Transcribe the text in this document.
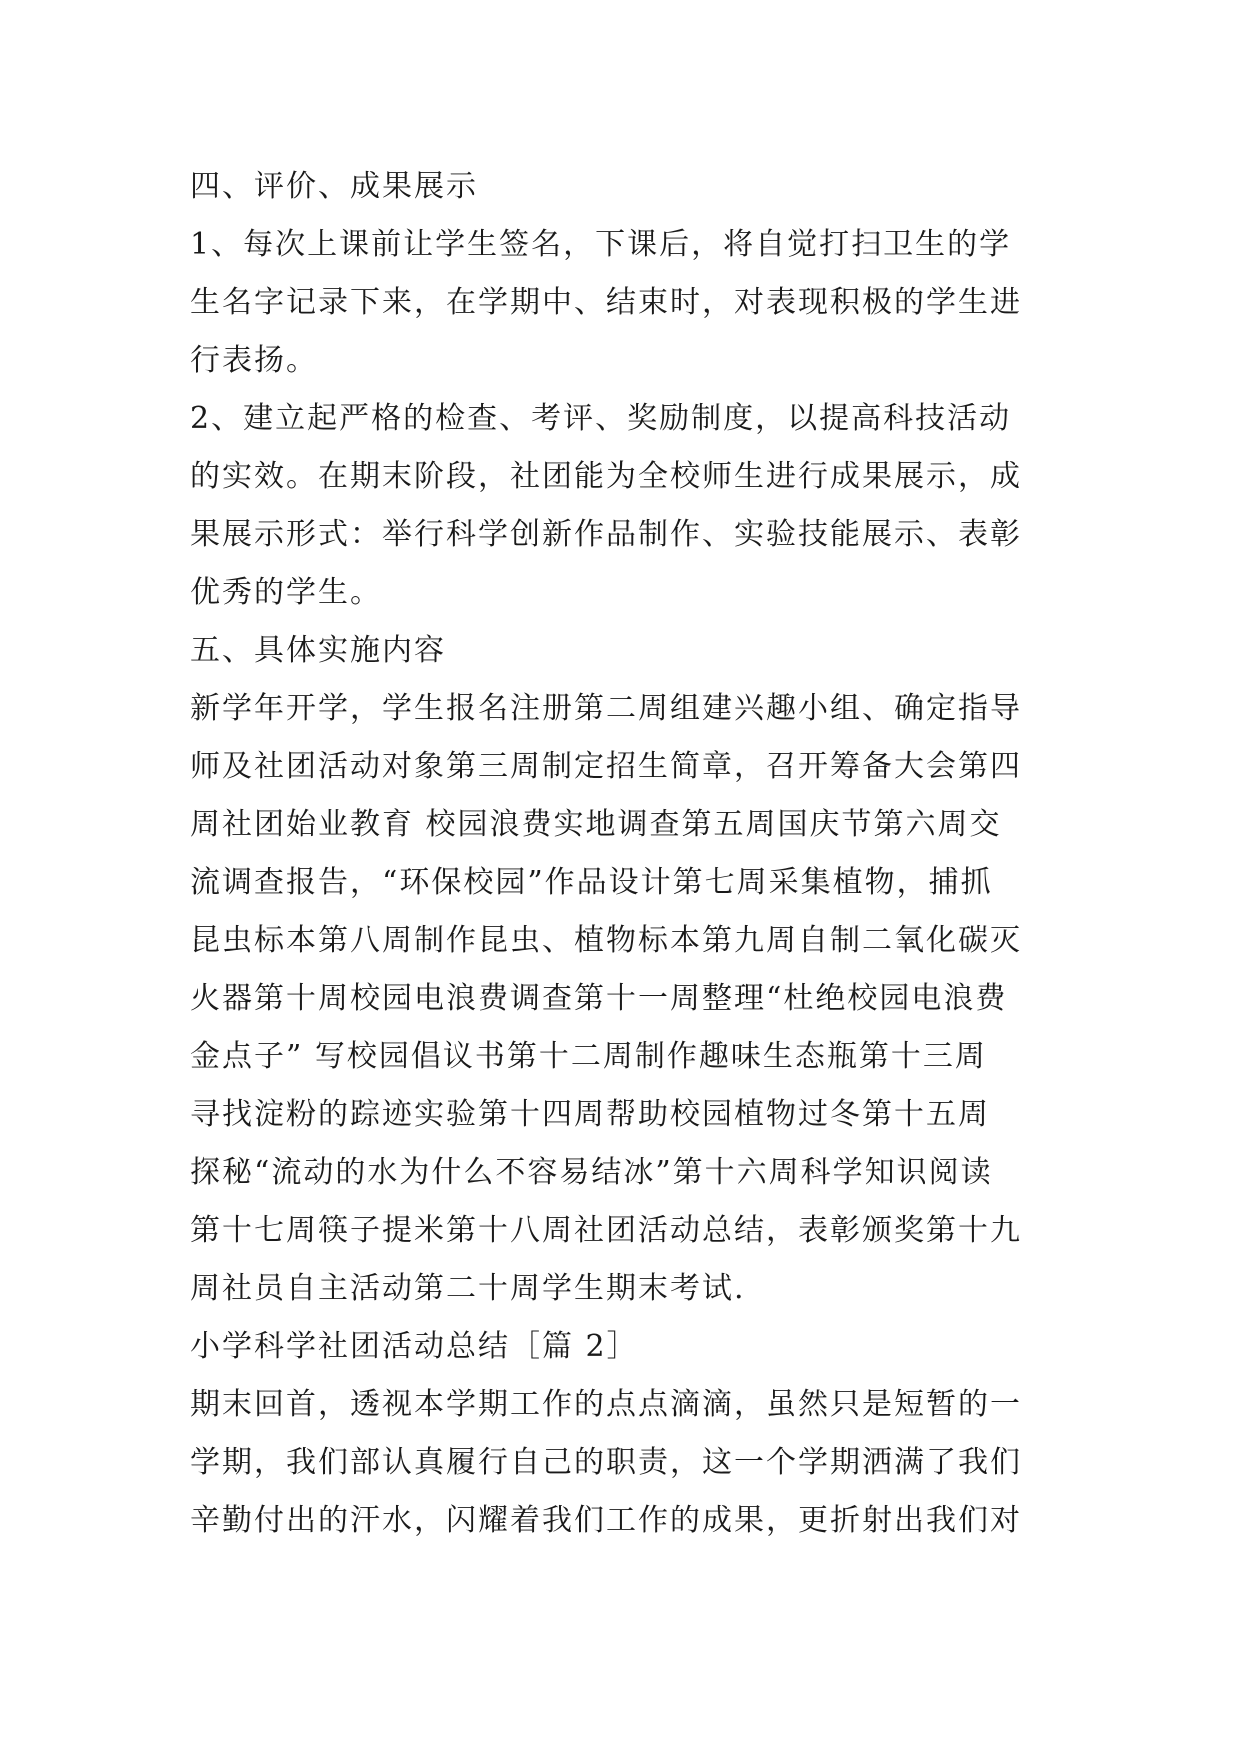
四、评价、成果展示
1、每次上课前让学生签名，下课后，将自觉打扫卫生的学
生名字记录下来，在学期中、结束时，对表现积极的学生进
行表扬。
2、建立起严格的检查、考评、奖励制度，以提高科技活动
的实效。在期末阶段，社团能为全校师生进行成果展示，成
果展示形式：举行科学创新作品制作、实验技能展示、表彰
优秀的学生。
五、具体实施内容
新学年开学，学生报名注册第二周组建兴趣小组、确定指导
师及社团活动对象第三周制定招生简章，召开筹备大会第四
周社团始业教育 校园浪费实地调查第五周国庆节第六周交
流调查报告，“环保校园”作品设计第七周采集植物，捕抓
昆虫标本第八周制作昆虫、植物标本第九周自制二氧化碳灭
火器第十周校园电浪费调查第十一周整理“杜绝校园电浪费
金点子” 写校园倡议书第十二周制作趣味生态瓶第十三周
寻找淀粉的踪迹实验第十四周帮助校园植物过冬第十五周
探秘“流动的水为什么不容易结冰”第十六周科学知识阅读
第十七周筷子提米第十八周社团活动总结，表彰颁奖第十九
周社员自主活动第二十周学生期末考试.
小学科学社团活动总结［篇 2］
期末回首，透视本学期工作的点点滴滴，虽然只是短暂的一
学期，我们部认真履行自己的职责，这一个学期洒满了我们
辛勤付出的汗水，闪耀着我们工作的成果，更折射出我们对
